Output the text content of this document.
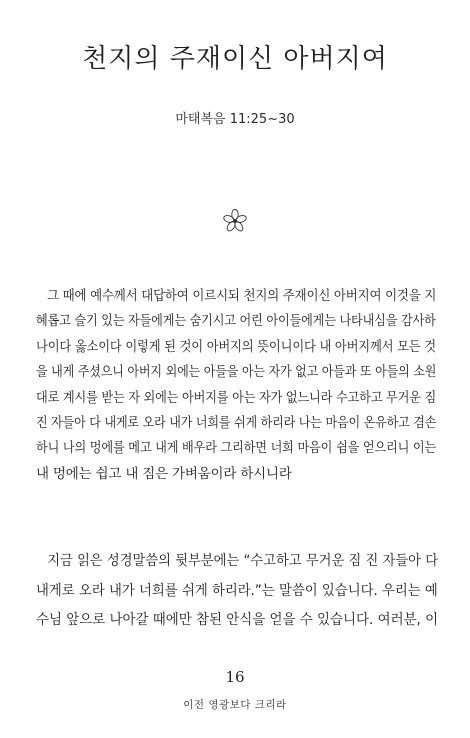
천지의 주재이신 아버지여
마태복음 11:25~30
그 때에 예수께서 대답하여 이르시되 천지의 주재이신 아버지여 이것을 지
혜롭고 슬기 있는 자들에게는 숨기시고 어린 아이들에게는 나타내심을 감사하
나이다 옳소이다 이렇게 된 것이 아버지의 뜻이니이다 내 아버지께서 모든 것
을 내게 주셨으니 아버지 외에는 아들을 아는 자가 없고 아들과 또 아들의 소원
대로 계시를 받는 자 외에는 아버지를 아는 자가 없느니라 수고하고 무거운 짐
진 자들아 다 내게로 오라 내가 너희를 쉬게 하리라 나는 마음이 온유하고 겸손
하니 나의 멍에를 메고 내게 배우라 그리하면 너희 마음이 쉼을 얻으리니 이는
내 멍에는 쉽고 내 짐은 가벼움이라 하시니라
지금 읽은 성경말씀의 뒷부분에는 “수고하고 무거운 짐 진 자들아 다
내게로 오라 내가 너희를 쉬게 하리라.”는 말씀이 있습니다. 우리는 예
수님 앞으로 나아갈 때에만 참된 안식을 얻을 수 있습니다. 여러분, 이
16
이전 영광보다 크리라
